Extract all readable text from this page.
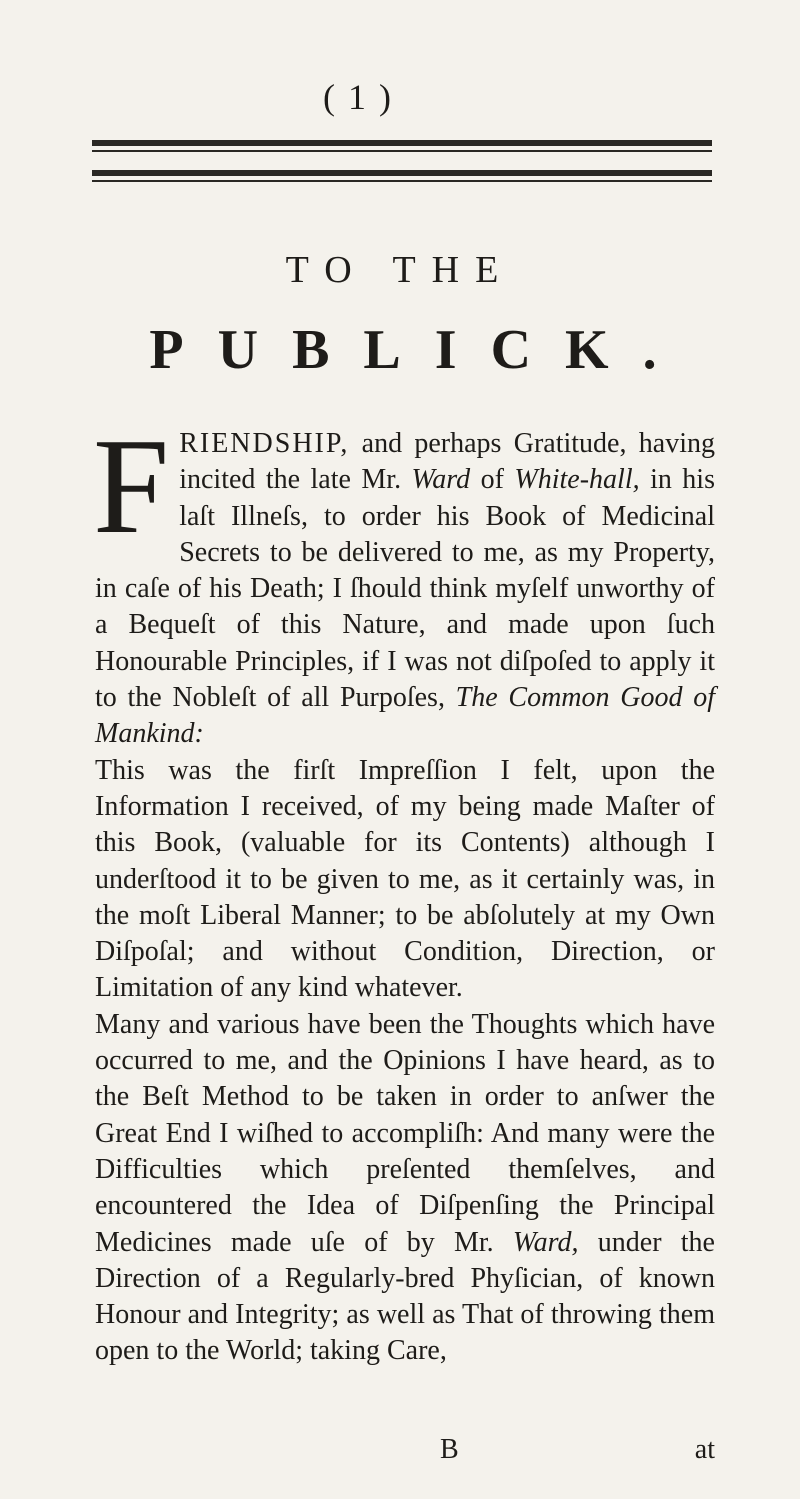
( 1 )
TO THE
PUBLICK.

FRIENDSHIP, and perhaps Gratitude, having incited the late Mr. Ward of White-hall, in his laſt Illneſs, to order his Book of Medicinal Secrets to be delivered to me, as my Property, in caſe of his Death; I ſhould think myſelf unworthy of a Bequeſt of this Nature, and made upon ſuch Honourable Principles, if I was not diſpoſed to apply it to the Nobleſt of all Purpoſes, The Common Good of Mankind:

This was the firſt Impreſſion I felt, upon the Information I received, of my being made Maſter of this Book, (valuable for its Contents) although I underſtood it to be given to me, as it certainly was, in the moſt Liberal Manner; to be abſolutely at my Own Diſpoſal; and without Condition, Direction, or Limitation of any kind whatever.

Many and various have been the Thoughts which have occurred to me, and the Opinions I have heard, as to the Beſt Method to be taken in order to anſwer the Great End I wiſhed to accompliſh: And many were the Difficulties which preſented themſelves, and encountered the Idea of Diſpenſing the Principal Medicines made uſe of by Mr. Ward, under the Direction of a Regularly-bred Phyſician, of known Honour and Integrity; as well as That of throwing them open to the World; taking Care,

B	at
